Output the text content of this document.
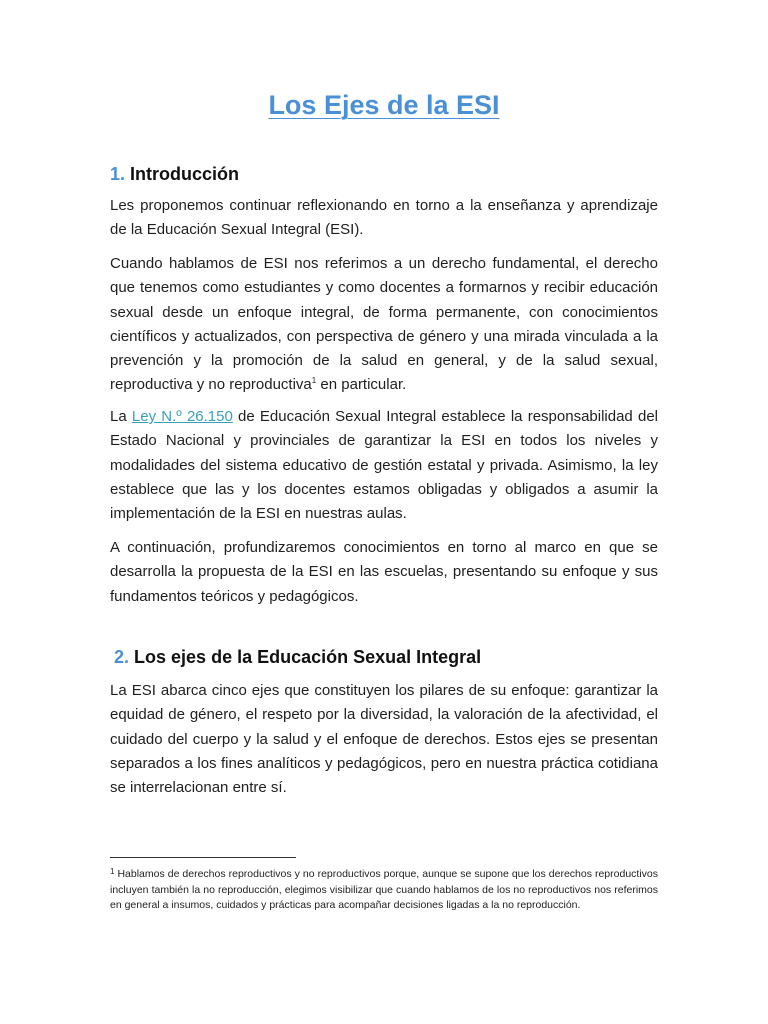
Los Ejes de la ESI
1. Introducción

Les proponemos continuar reflexionando en torno a la enseñanza y aprendizaje de la Educación Sexual Integral (ESI).

Cuando hablamos de ESI nos referimos a un derecho fundamental, el derecho que tenemos como estudiantes y como docentes a formarnos y recibir educación sexual desde un enfoque integral, de forma permanente, con conocimientos científicos y actualizados, con perspectiva de género y una mirada vinculada a la prevención y la promoción de la salud en general, y de la salud sexual, reproductiva y no reproductiva$^1$ en particular.

La Ley N.º 26.150 de Educación Sexual Integral establece la responsabilidad del Estado Nacional y provinciales de garantizar la ESI en todos los niveles y modalidades del sistema educativo de gestión estatal y privada. Asimismo, la ley establece que las y los docentes estamos obligadas y obligados a asumir la implementación de la ESI en nuestras aulas.

A continuación, profundizaremos conocimientos en torno al marco en que se desarrolla la propuesta de la ESI en las escuelas, presentando su enfoque y sus fundamentos teóricos y pedagógicos.

2. Los ejes de la Educación Sexual Integral

La ESI abarca cinco ejes que constituyen los pilares de su enfoque: garantizar la equidad de género, el respeto por la diversidad, la valoración de la afectividad, el cuidado del cuerpo y la salud y el enfoque de derechos. Estos ejes se presentan separados a los fines analíticos y pedagógicos, pero en nuestra práctica cotidiana se interrelacionan entre sí.

$^1$ Hablamos de derechos reproductivos y no reproductivos porque, aunque se supone que los derechos reproductivos incluyen también la no reproducción, elegimos visibilizar que cuando hablamos de los no reproductivos nos referimos en general a insumos, cuidados y prácticas para acompañar decisiones ligadas a la no reproducción.
